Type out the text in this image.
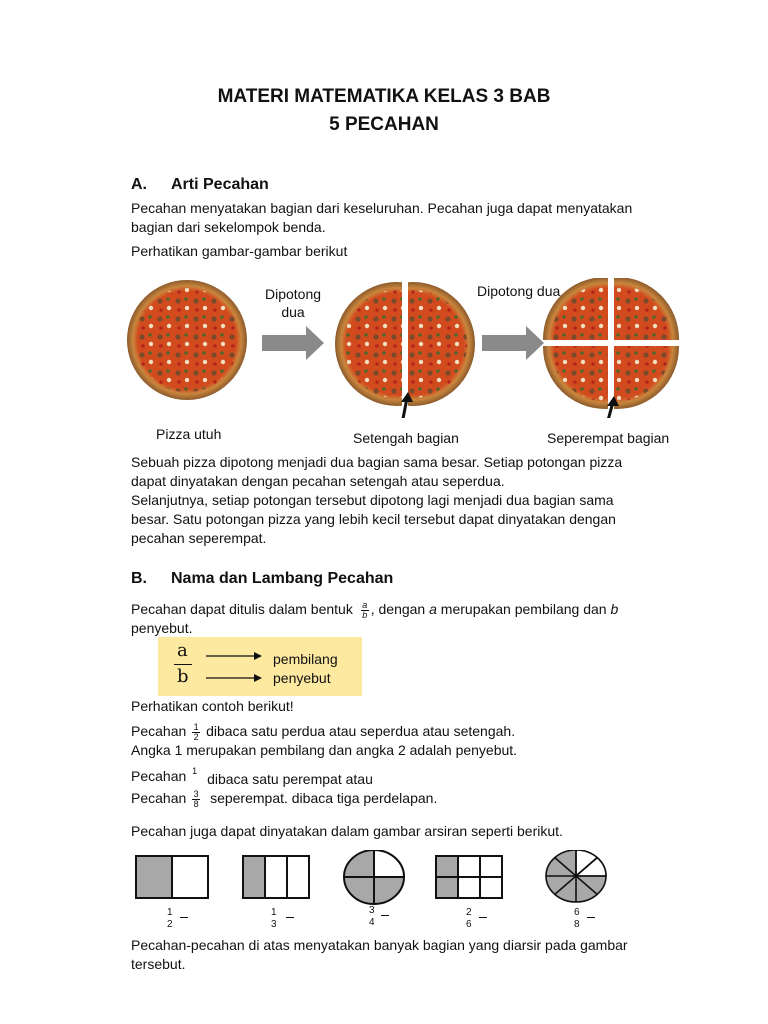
MATERI MATEMATIKA KELAS 3 BAB
5 PECAHAN
A. Arti Pecahan
Pecahan menyatakan bagian dari keseluruhan. Pecahan juga dapat menyatakan
bagian dari sekelompok benda.
Perhatikan gambar-gambar berikut
Dipotong
dua
Dipotong dua
Pizza utuh	Setengah bagian	Seperempat bagian
Sebuah pizza dipotong menjadi dua bagian sama besar. Setiap potongan pizza
dapat dinyatakan dengan pecahan setengah atau seperdua.
Selanjutnya, setiap potongan tersebut dipotong lagi menjadi dua bagian sama
besar. Satu potongan pizza yang lebih kecil tersebut dapat dinyatakan dengan
pecahan seperempat.
B. Nama dan Lambang Pecahan
Pecahan dapat ditulis dalam bentuk $\frac{a}{b}$ , dengan a merupakan pembilang dan b
penyebut.
a
b
pembilang
penyebut
Perhatikan contoh berikut!
Pecahan $\frac{1}{2}$ dibaca satu perdua atau seperdua atau setengah.
Angka 1 merupakan pembilang dan angka 2 adalah penyebut.
Pecahan 1 dibaca satu perempat atau
Pecahan $\frac{3}{8}$ seperempat. dibaca tiga perdelapan.
Pecahan juga dapat dinyatakan dalam gambar arsiran seperti berikut.
1
2
1
3
3
4
2
6
6
8
Pecahan-pecahan di atas menyatakan banyak bagian yang diarsir pada gambar
tersebut.
